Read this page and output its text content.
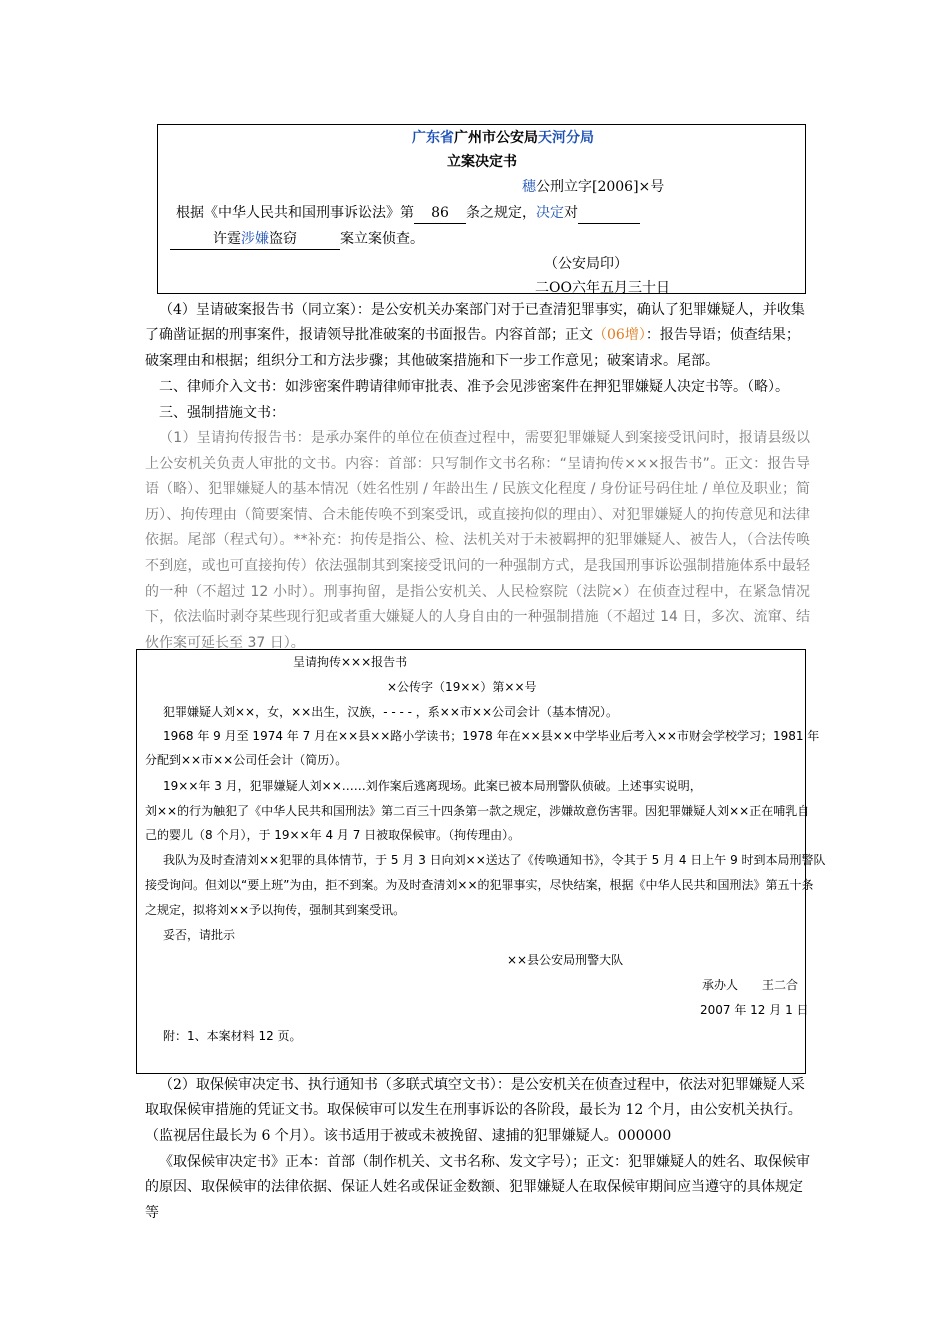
广东省广州市公安局天河分局
立案决定书
穗公刑立字[2006]×号
根据《中华人民共和国刑事诉讼法》第 86 条之规定，决定对
许霆涉嫌盗窃	案立案侦查。
（公安局印）
二OO六年五月三十日

（4）呈请破案报告书（同立案）：是公安机关办案部门对于已查清犯罪事实，确认了犯罪嫌疑人，并收集了确凿证据的刑事案件，报请领导批准破案的书面报告。内容首部；正文（06增）：报告导语；侦查结果；破案理由和根据；组织分工和方法步骤；其他破案措施和下一步工作意见；破案请求。尾部。

二、律师介入文书：如涉密案件聘请律师审批表、准予会见涉密案件在押犯罪嫌疑人决定书等。（略）。

三、强制措施文书：

（1）呈请拘传报告书：是承办案件的单位在侦查过程中，需要犯罪嫌疑人到案接受讯问时，报请县级以上公安机关负责人审批的文书。内容：首部：只写制作文书名称：“呈请拘传×××报告书”。正文：报告导语（略）、犯罪嫌疑人的基本情况（姓名性别 / 年龄出生 / 民族文化程度 / 身份证号码住址 / 单位及职业；简历）、拘传理由（简要案情、合未能传唤不到案受讯，或直接拘似的理由）、对犯罪嫌疑人的拘传意见和法律依据。尾部（程式句）。**补充：拘传是指公、检、法机关对于未被羁押的犯罪嫌疑人、被告人，（合法传唤不到庭，或也可直接拘传）依法强制其到案接受讯问的一种强制方式，是我国刑事诉讼强制措施体系中最轻的一种（不超过 12 小时）。刑事拘留，是指公安机关、人民检察院（法院×）在侦查过程中，在紧急情况下，依法临时剥夺某些现行犯或者重大嫌疑人的人身自由的一种强制措施（不超过 14 日，多次、流窜、结伙作案可延长至 37 日）。

呈请拘传×××报告书

×公传字（19××）第××号

犯罪嫌疑人刘××，女，××出生，汉族，- - - - ，系××市××公司会计（基本情况）。

1968 年 9 月至 1974 年 7 月在××县××路小学读书；1978 年在××县××中学毕业后考入××市财会学校学习；1981 年

分配到××市××公司任会计（简历）。

19××年 3 月，犯罪嫌疑人刘××……刘作案后逃离现场。此案已被本局刑警队侦破。上述事实说明，

刘××的行为触犯了《中华人民共和国刑法》第二百三十四条第一款之规定，涉嫌故意伤害罪。因犯罪嫌疑人刘××正在哺乳自

己的婴儿（8 个月），于 19××年 4 月 7 日被取保候审。（拘传理由）。

我队为及时查清刘××犯罪的具体情节，于 5 月 3 日向刘××送达了《传唤通知书》，令其于 5 月 4 日上午 9 时到本局刑警队

接受询问。但刘以“要上班”为由，拒不到案。为及时查清刘××的犯罪事实，尽快结案，根据《中华人民共和国刑法》第五十条

之规定，拟将刘××予以拘传，强制其到案受讯。

妥否，请批示

××县公安局刑警大队

承办人 王二合

2007 年 12 月 1 日

附：1、本案材料 12 页。

（2）取保候审决定书、执行通知书（多联式填空文书）：是公安机关在侦查过程中，依法对犯罪嫌疑人采取取保候审措施的凭证文书。取保候审可以发生在刑事诉讼的各阶段，最长为 12 个月，由公安机关执行。（监视居住最长为 6 个月）。该书适用于被或未被挽留、逮捕的犯罪嫌疑人。000000

《取保候审决定书》正本：首部（制作机关、文书名称、发文字号）；正文：犯罪嫌疑人的姓名、取保候审的原因、取保候审的法律依据、保证人姓名或保证金数额、犯罪嫌疑人在取保候审期间应当遵守的具体规定等
